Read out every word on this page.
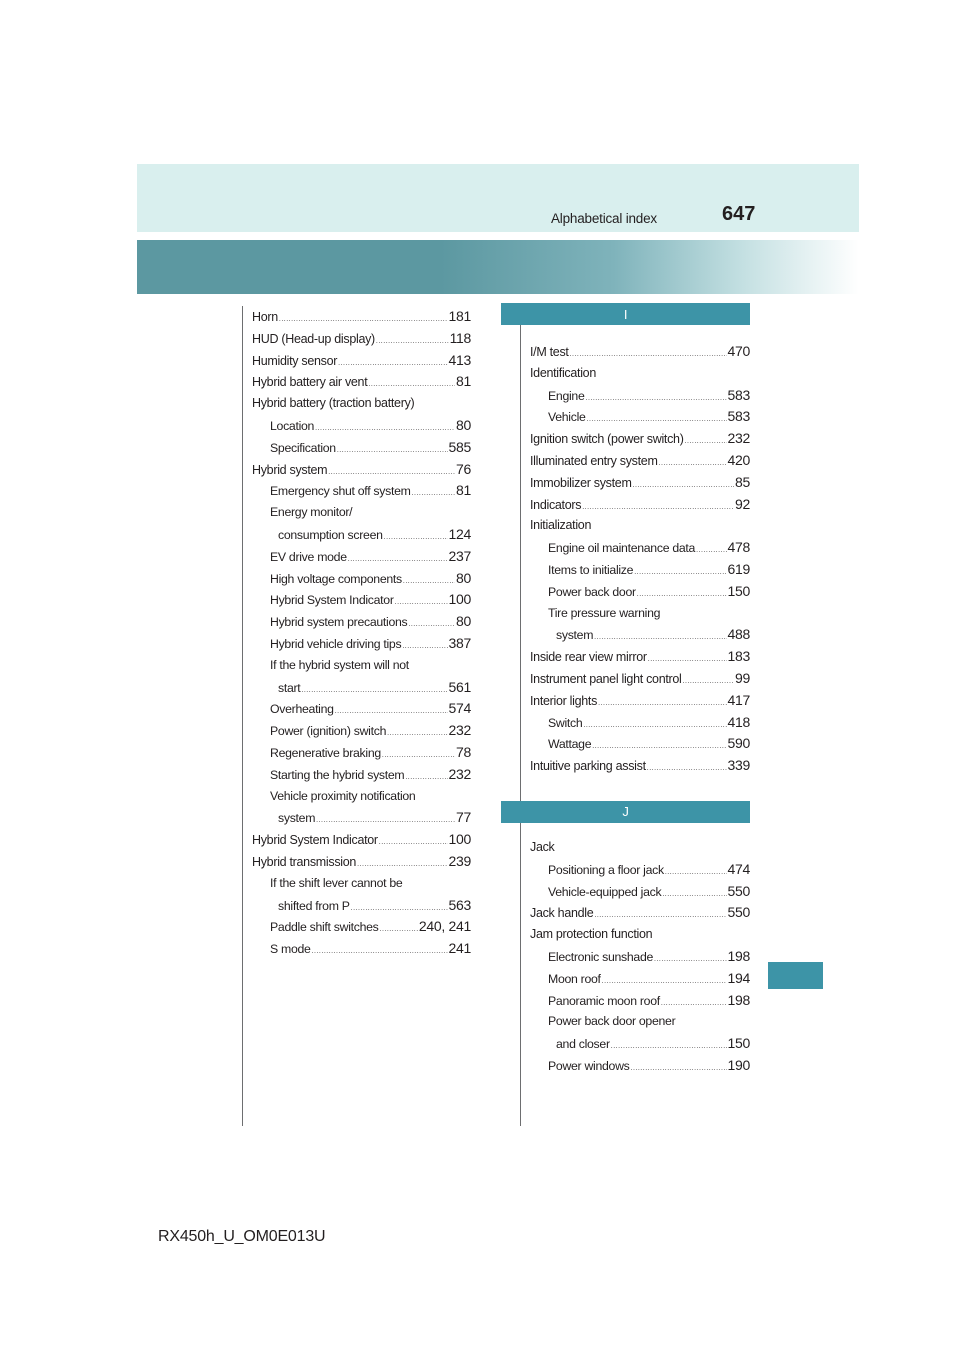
Alphabetical index	647
Horn .....	181
HUD (Head-up display) .....	118
Humidity sensor .....	413
Hybrid battery air vent .....	81
Hybrid battery (traction battery)
Location .....	80
Specification .....	585
Hybrid system .....	76
Emergency shut off system .....	81
Energy monitor/
consumption screen .....	124
EV drive mode .....	237
High voltage components .....	80
Hybrid System Indicator .....	100
Hybrid system precautions .....	80
Hybrid vehicle driving tips .....	387
If the hybrid system will not
start .....	561
Overheating .....	574
Power (ignition) switch .....	232
Regenerative braking .....	78
Starting the hybrid system .....	232
Vehicle proximity notification
system .....	77
Hybrid System Indicator .....	100
Hybrid transmission .....	239
If the shift lever cannot be
shifted from P .....	563
Paddle shift switches .....	240, 241
S mode .....	241
I
I/M test .....	470
Identification
Engine .....	583
Vehicle .....	583
Ignition switch (power switch) .....	232
Illuminated entry system .....	420
Immobilizer system .....	85
Indicators .....	92
Initialization
Engine oil maintenance data ..... 478
Items to initialize .....	619
Power back door .....	150
Tire pressure warning
system .....	488
Inside rear view mirror .....	183
Instrument panel light control .....	99
Interior lights .....	417
Switch .....	418
Wattage .....	590
Intuitive parking assist .....	339
J
Jack
Positioning a floor jack .....	474
Vehicle-equipped jack .....	550
Jack handle .....	550
Jam protection function
Electronic sunshade .....	198
Moon roof .....	194
Panoramic moon roof .....	198
Power back door opener
and closer .....	150
Power windows .....	190
RX450h_U_OM0E013U
